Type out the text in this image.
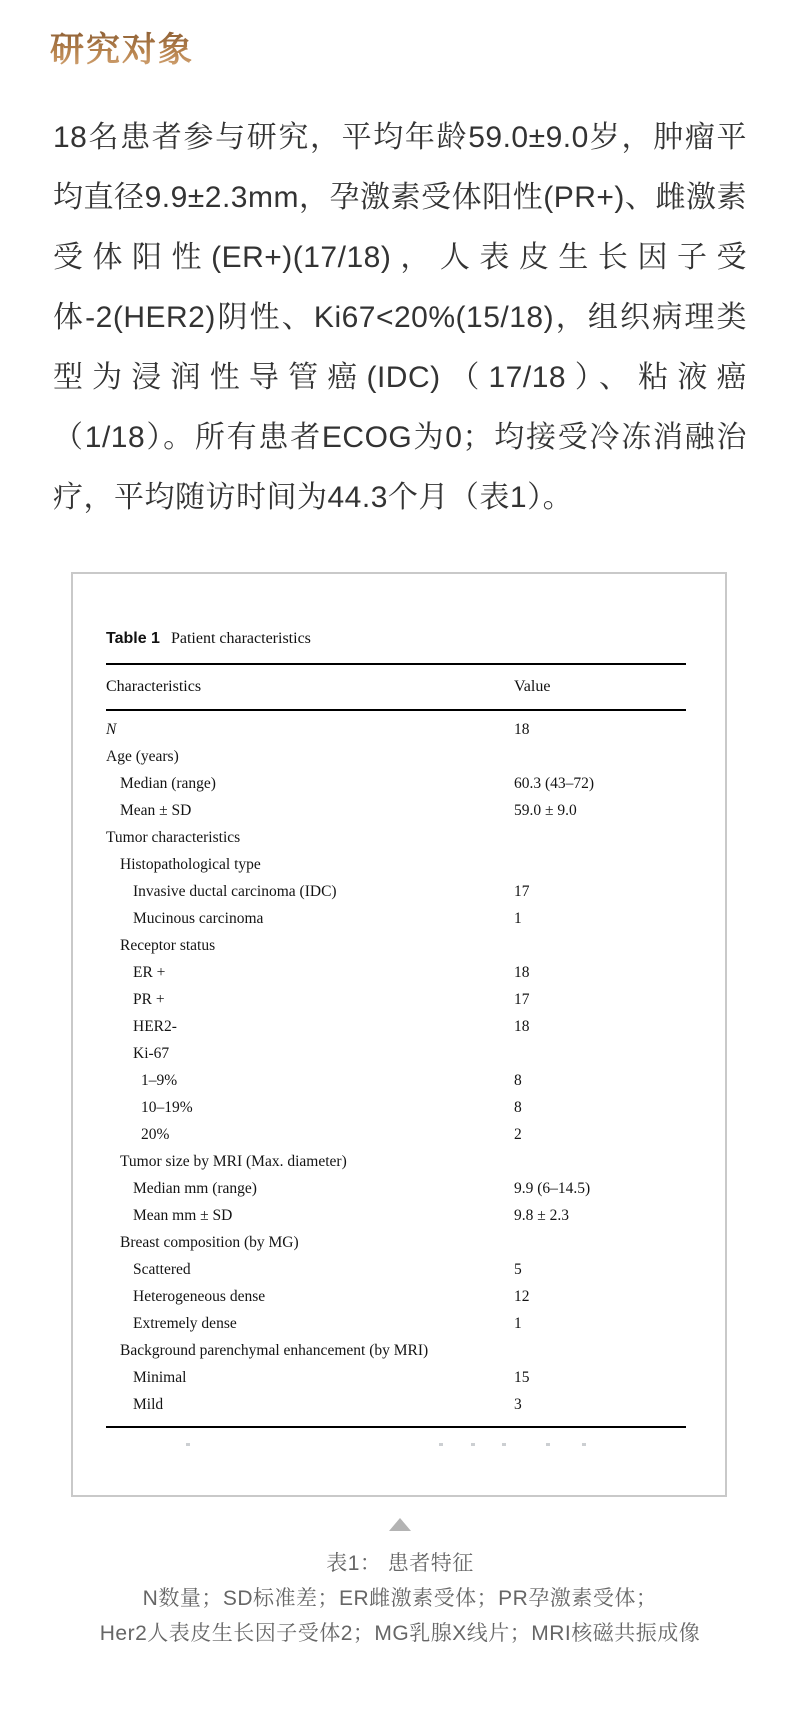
研究对象

18名患者参与研究，平均年龄59.0±9.0岁，肿瘤平均直径9.9±2.3mm，孕激素受体阳性(PR+)、雌激素受体阳性(ER+)(17/18)，人表皮生长因子受体-2(HER2)阴性、Ki67<20%(15/18)，组织病理类型为浸润性导管癌(IDC)（17/18）、粘液癌（1/18）。所有患者ECOG为0；均接受冷冻消融治疗，平均随访时间为44.3个月（表1）。

Table 1 Patient characteristics
Characteristics	Value
N	18
Age (years)
Median (range)	60.3 (43–72)
Mean ± SD	59.0 ± 9.0
Tumor characteristics
Histopathological type
Invasive ductal carcinoma (IDC)	17
Mucinous carcinoma	1
Receptor status
ER +	18
PR +	17
HER2-	18
Ki-67
1–9%	8
10–19%	8
20%	2
Tumor size by MRI (Max. diameter)
Median mm (range)	9.9 (6–14.5)
Mean mm ± SD	9.8 ± 2.3
Breast composition (by MG)
Scattered	5
Heterogeneous dense	12
Extremely dense	1
Background parenchymal enhancement (by MRI)
Minimal	15
Mild	3
表1： 患者特征
N数量；SD标准差；ER雌激素受体；PR孕激素受体；
Her2人表皮生长因子受体2；MG乳腺X线片；MRI核磁共振成像
